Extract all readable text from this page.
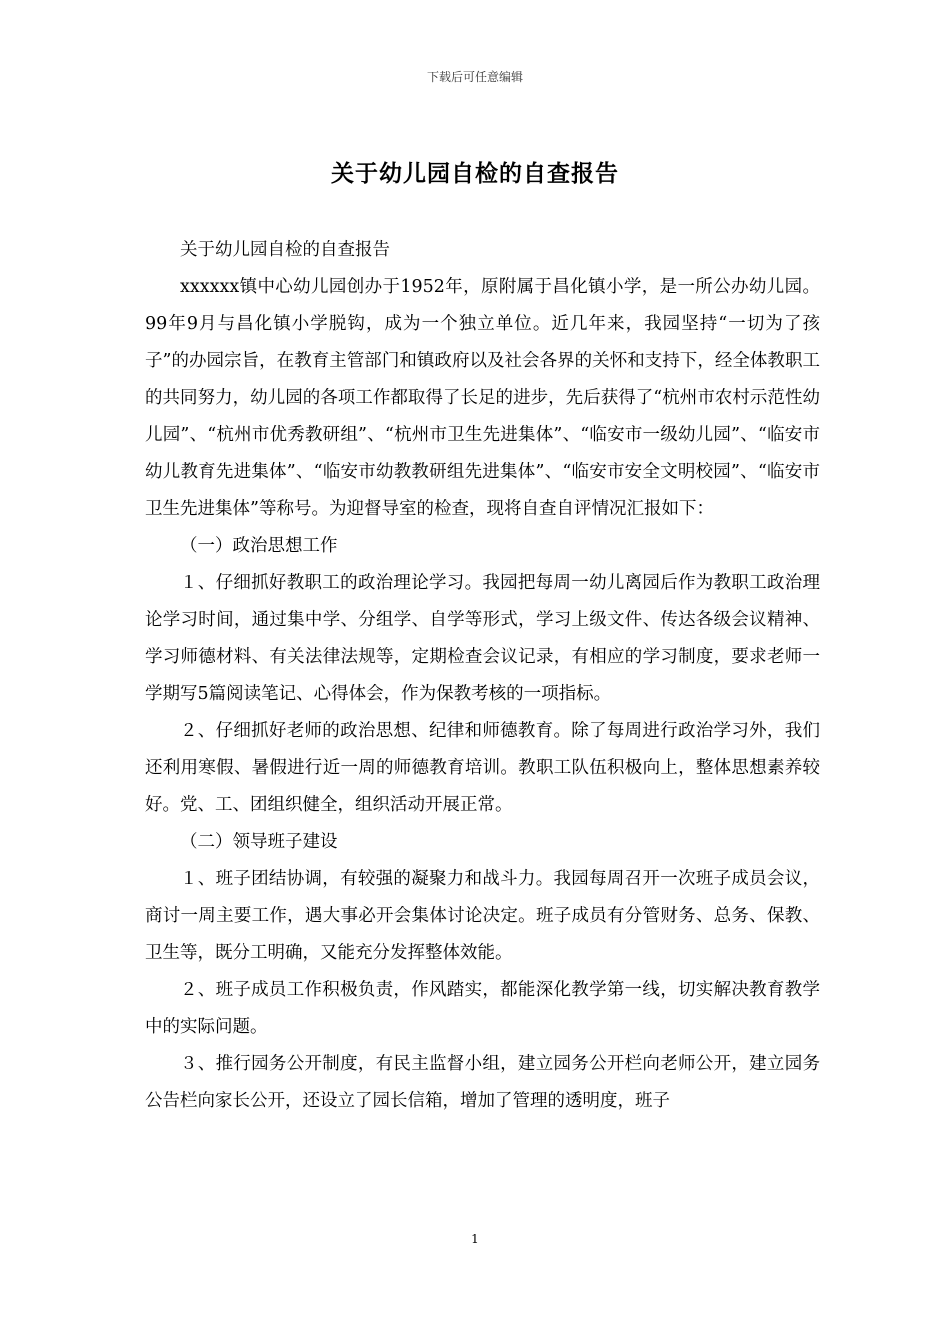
下载后可任意编辑
关于幼儿园自检的自查报告

关于幼儿园自检的自查报告

xxxxxx镇中心幼儿园创办于1952年，原附属于昌化镇小学，是一所公办幼儿园。99年9月与昌化镇小学脱钩，成为一个独立单位。近几年来，我园坚持“一切为了孩子”的办园宗旨，在教育主管部门和镇政府以及社会各界的关怀和支持下，经全体教职工的共同努力，幼儿园的各项工作都取得了长足的进步，先后获得了“杭州市农村示范性幼儿园”、“杭州市优秀教研组”、“杭州市卫生先进集体”、“临安市一级幼儿园”、“临安市幼儿教育先进集体”、“临安市幼教教研组先进集体”、“临安市安全文明校园”、“临安市卫生先进集体”等称号。为迎督导室的检查，现将自查自评情况汇报如下：

（一）政治思想工作

１、仔细抓好教职工的政治理论学习。我园把每周一幼儿离园后作为教职工政治理论学习时间，通过集中学、分组学、自学等形式，学习上级文件、传达各级会议精神、学习师德材料、有关法律法规等，定期检查会议记录，有相应的学习制度，要求老师一学期写5篇阅读笔记、心得体会，作为保教考核的一项指标。

２、仔细抓好老师的政治思想、纪律和师德教育。除了每周进行政治学习外，我们还利用寒假、暑假进行近一周的师德教育培训。教职工队伍积极向上，整体思想素养较好。党、工、团组织健全，组织活动开展正常。

（二）领导班子建设

１、班子团结协调，有较强的凝聚力和战斗力。我园每周召开一次班子成员会议，商讨一周主要工作，遇大事必开会集体讨论决定。班子成员有分管财务、总务、保教、卫生等，既分工明确，又能充分发挥整体效能。

２、班子成员工作积极负责，作风踏实，都能深化教学第一线，切实解决教育教学中的实际问题。

３、推行园务公开制度，有民主监督小组，建立园务公开栏向老师公开，建立园务公告栏向家长公开，还设立了园长信箱，增加了管理的透明度，班子

1
